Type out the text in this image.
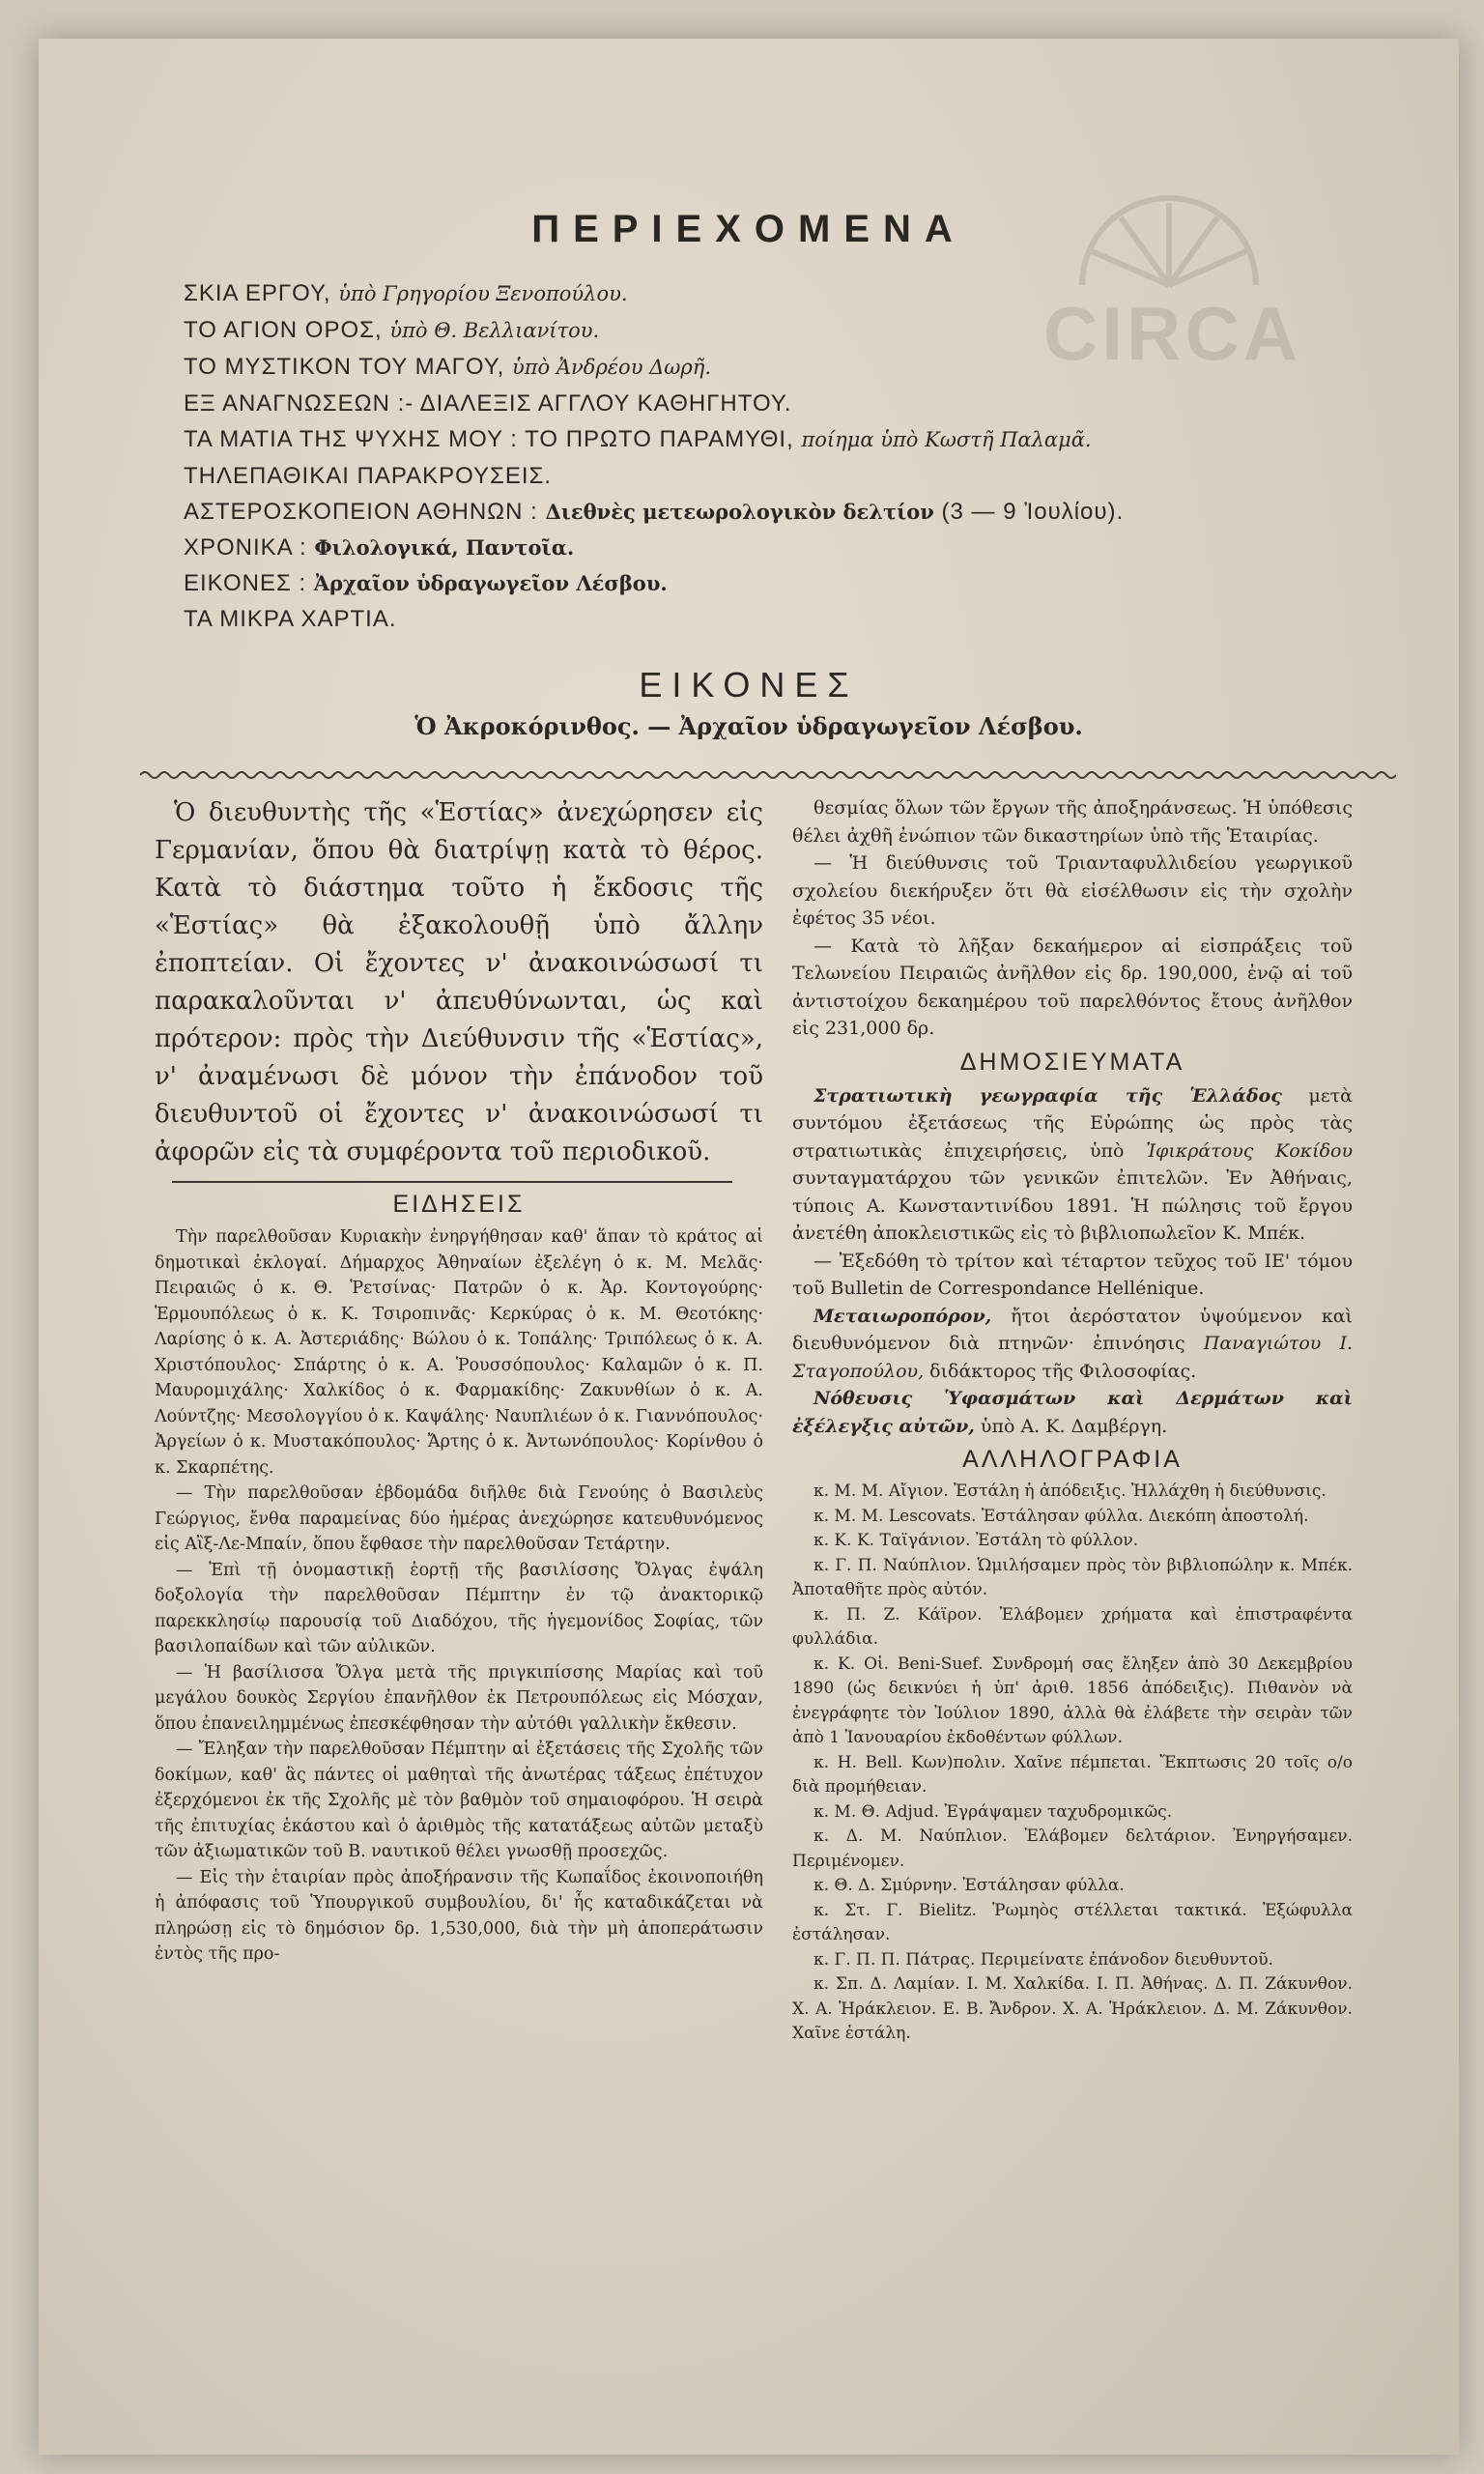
CIRCA
ΠΕΡΙΕΧΟΜΕΝΑ
ΣΚΙΑ ΕΡΓΟΥ, ὑπὸ Γρηγορίου Ξενοπούλου.
ΤΟ ΑΓΙΟΝ ΟΡΟΣ, ὑπὸ Θ. Βελλιανίτου.
ΤΟ ΜΥΣΤΙΚΟΝ ΤΟΥ ΜΑΓΟΥ, ὑπὸ Ἀνδρέου Δωρῆ.
ΕΞ ΑΝΑΓΝΩΣΕΩΝ :- ΔΙΑΛΕΞΙΣ ΑΓΓΛΟΥ ΚΑΘΗΓΗΤΟΥ.
ΤΑ ΜΑΤΙΑ ΤΗΣ ΨΥΧΗΣ ΜΟΥ : ΤΟ ΠΡΩΤΟ ΠΑΡΑΜΥΘΙ, ποίημα ὑπὸ Κωστῆ Παλαμᾶ.
ΤΗΛΕΠΑΘΙΚΑΙ ΠΑΡΑΚΡΟΥΣΕΙΣ.
ΑΣΤΕΡΟΣΚΟΠΕΙΟΝ ΑΘΗΝΩΝ : Διεθνὲς μετεωρολογικὸν δελτίον (3 — 9 Ἰουλίου).
ΧΡΟΝΙΚΑ : Φιλολογικά, Παντοῖα.
ΕΙΚΟΝΕΣ : Ἀρχαῖον ὑδραγωγεῖον Λέσβου.
ΤΑ ΜΙΚΡΑ ΧΑΡΤΙΑ.
ΕΙΚΟΝΕΣ
Ὁ Ἀκροκόρινθος. — Ἀρχαῖον ὑδραγωγεῖον Λέσβου.

Ὁ διευθυντὴς τῆς «Ἑστίας» ἀνεχώρησεν εἰς Γερμανίαν, ὅπου θὰ διατρίψῃ κατὰ τὸ θέρος. Κατὰ τὸ διάστημα τοῦτο ἡ ἔκδοσις τῆς «Ἑστίας» θὰ ἐξακολουθῇ ὑπὸ ἄλλην ἐποπτείαν. Οἱ ἔχοντες ν' ἀνακοινώσωσί τι παρακαλοῦνται ν' ἀπευθύνωνται, ὡς καὶ πρότερον: πρὸς τὴν Διεύθυνσιν τῆς «Ἑστίας», ν' ἀναμένωσι δὲ μόνον τὴν ἐπάνοδον τοῦ διευθυντοῦ οἱ ἔχοντες ν' ἀνακοινώσωσί τι ἀφορῶν εἰς τὰ συμφέροντα τοῦ περιοδικοῦ.

ΕΙΔΗΣΕΙΣ

Τὴν παρελθοῦσαν Κυριακὴν ἐνηργήθησαν καθ' ἅπαν τὸ κράτος αἱ δημοτικαὶ ἐκλογαί. Δήμαρχος Ἀθηναίων ἐξελέγη ὁ κ. Μ. Μελᾶς· Πειραιῶς ὁ κ. Θ. Ῥετσίνας· Πατρῶν ὁ κ. Ἀρ. Κοντογούρης· Ἑρμουπόλεως ὁ κ. Κ. Τσιροπινᾶς· Κερκύρας ὁ κ. Μ. Θεοτόκης· Λαρίσης ὁ κ. Α. Ἀστεριάδης· Βώλου ὁ κ. Τοπάλης· Τριπόλεως ὁ κ. Α. Χριστόπουλος· Σπάρτης ὁ κ. Α. Ῥουσσόπουλος· Καλαμῶν ὁ κ. Π. Μαυρομιχάλης· Χαλκίδος ὁ κ. Φαρμακίδης· Ζακυνθίων ὁ κ. Α. Λούντζης· Μεσολογγίου ὁ κ. Καψάλης· Ναυπλιέων ὁ κ. Γιαννόπουλος· Ἀργείων ὁ κ. Μυστακόπουλος· Ἄρτης ὁ κ. Ἀντωνόπουλος· Κορίνθου ὁ κ. Σκαρπέτης.

— Τὴν παρελθοῦσαν ἑβδομάδα διῆλθε διὰ Γενούης ὁ Βασιλεὺς Γεώργιος, ἔνθα παραμείνας δύο ἡμέρας ἀνεχώρησε κατευθυνόμενος εἰς Αἲξ-Λε-Μπαίν, ὅπου ἔφθασε τὴν παρελθοῦσαν Τετάρτην.

— Ἐπὶ τῇ ὀνομαστικῇ ἑορτῇ τῆς βασιλίσσης Ὄλγας ἐψάλη δοξολογία τὴν παρελθοῦσαν Πέμπτην ἐν τῷ ἀνακτορικῷ παρεκκλησίῳ παρουσίᾳ τοῦ Διαδόχου, τῆς ἡγεμονίδος Σοφίας, τῶν βασιλοπαίδων καὶ τῶν αὐλικῶν.

— Ἡ βασίλισσα Ὄλγα μετὰ τῆς πριγκιπίσσης Μαρίας καὶ τοῦ μεγάλου δουκὸς Σεργίου ἐπανῆλθον ἐκ Πετρουπόλεως εἰς Μόσχαν, ὅπου ἐπανειλημμένως ἐπεσκέφθησαν τὴν αὐτόθι γαλλικὴν ἔκθεσιν.

— Ἔληξαν τὴν παρελθοῦσαν Πέμπτην αἱ ἐξετάσεις τῆς Σχολῆς τῶν δοκίμων, καθ' ἃς πάντες οἱ μαθηταὶ τῆς ἀνωτέρας τάξεως ἐπέτυχον ἐξερχόμενοι ἐκ τῆς Σχολῆς μὲ τὸν βαθμὸν τοῦ σημαιοφόρου. Ἡ σειρὰ τῆς ἐπιτυχίας ἑκάστου καὶ ὁ ἀριθμὸς τῆς κατατάξεως αὐτῶν μεταξὺ τῶν ἀξιωματικῶν τοῦ Β. ναυτικοῦ θέλει γνωσθῇ προσεχῶς.

— Εἰς τὴν ἑταιρίαν πρὸς ἀποξήρανσιν τῆς Κωπαΐδος ἐκοινοποιήθη ἡ ἀπόφασις τοῦ Ὑπουργικοῦ συμβουλίου, δι' ἧς καταδικάζεται νὰ πληρώσῃ εἰς τὸ δημόσιον δρ. 1,530,000, διὰ τὴν μὴ ἀποπεράτωσιν ἐντὸς τῆς προ-

θεσμίας ὅλων τῶν ἔργων τῆς ἀποξηράνσεως. Ἡ ὑπόθεσις θέλει ἀχθῆ ἐνώπιον τῶν δικαστηρίων ὑπὸ τῆς Ἑταιρίας.

— Ἡ διεύθυνσις τοῦ Τριανταφυλλιδείου γεωργικοῦ σχολείου διεκήρυξεν ὅτι θὰ εἰσέλθωσιν εἰς τὴν σχολὴν ἐφέτος 35 νέοι.

— Κατὰ τὸ λῆξαν δεκαήμερον αἱ εἰσπράξεις τοῦ Τελωνείου Πειραιῶς ἀνῆλθον εἰς δρ. 190,000, ἐνῷ αἱ τοῦ ἀντιστοίχου δεκαημέρου τοῦ παρελθόντος ἔτους ἀνῆλθον εἰς 231,000 δρ.

ΔΗΜΟΣΙΕΥΜΑΤΑ

Στρατιωτικὴ γεωγραφία τῆς Ἑλλάδος μετὰ συντόμου ἐξετάσεως τῆς Εὐρώπης ὡς πρὸς τὰς στρατιωτικὰς ἐπιχειρήσεις, ὑπὸ Ἰφικράτους Κοκίδου συνταγματάρχου τῶν γενικῶν ἐπιτελῶν. Ἐν Ἀθήναις, τύποις Α. Κωνσταντινίδου 1891. Ἡ πώλησις τοῦ ἔργου ἀνετέθη ἀποκλειστικῶς εἰς τὸ βιβλιοπωλεῖον Κ. Μπέκ.

— Ἐξεδόθη τὸ τρίτον καὶ τέταρτον τεῦχος τοῦ ΙΕ' τόμου τοῦ Bulletin de Correspondance Hellénique.

Μεταιωροπόρον, ἤτοι ἀερόστατον ὑψούμενον καὶ διευθυνόμενον διὰ πτηνῶν· ἐπινόησις Παναγιώτου Ι. Σταγοπούλου, διδάκτορος τῆς Φιλοσοφίας.

Νόθευσις Ὑφασμάτων καὶ Δερμάτων καὶ ἐξέλεγξις αὐτῶν, ὑπὸ Α. Κ. Δαμβέργη.

ΑΛΛΗΛΟΓΡΑΦΙΑ

κ. Μ. Μ. Αἴγιον. Ἐστάλη ἡ ἀπόδειξις. Ἠλλάχθη ἡ διεύθυνσις.

κ. Μ. Μ. Lescovats. Ἐστάλησαν φύλλα. Διεκόπη ἀποστολή.

κ. Κ. Κ. Ταϊγάνιον. Ἐστάλη τὸ φύλλον.

κ. Γ. Π. Ναύπλιον. Ὡμιλήσαμεν πρὸς τὸν βιβλιοπώλην κ. Μπέκ. Ἀποταθῆτε πρὸς αὐτόν.

κ. Π. Ζ. Κάϊρον. Ἐλάβομεν χρήματα καὶ ἐπιστραφέντα φυλλάδια.

κ. Κ. Οἰ. Beni-Suef. Συνδρομή σας ἔληξεν ἀπὸ 30 Δεκεμβρίου 1890 (ὡς δεικνύει ἡ ὑπ' ἀριθ. 1856 ἀπόδειξις). Πιθανὸν νὰ ἐνεγράφητε τὸν Ἰούλιον 1890, ἀλλὰ θὰ ἐλάβετε τὴν σειρὰν τῶν ἀπὸ 1 Ἰανουαρίου ἐκδοθέντων φύλλων.

κ. Η. Bell. Κων)πολιν. Χαῖνε πέμπεται. Ἔκπτωσις 20 τοῖς ο/ο διὰ προμήθειαν.

κ. Μ. Θ. Adjud. Ἐγράψαμεν ταχυδρομικῶς.

κ. Δ. Μ. Ναύπλιον. Ἐλάβομεν δελτάριον. Ἐνηργήσαμεν. Περιμένομεν.

κ. Θ. Δ. Σμύρνην. Ἐστάλησαν φύλλα.

κ. Στ. Γ. Bielitz. Ῥωμηὸς στέλλεται τακτικά. Ἐξώφυλλα ἐστάλησαν.

κ. Γ. Π. Π. Πάτρας. Περιμείνατε ἐπάνοδον διευθυντοῦ.

κ. Σπ. Δ. Λαμίαν. Ι. Μ. Χαλκίδα. Ι. Π. Ἀθήνας. Δ. Π. Ζάκυνθον. Χ. Α. Ἡράκλειον. Ε. Β. Ἄνδρον. Χ. Α. Ἡράκλειον. Δ. Μ. Ζάκυνθον. Χαῖνε ἐστάλη.
